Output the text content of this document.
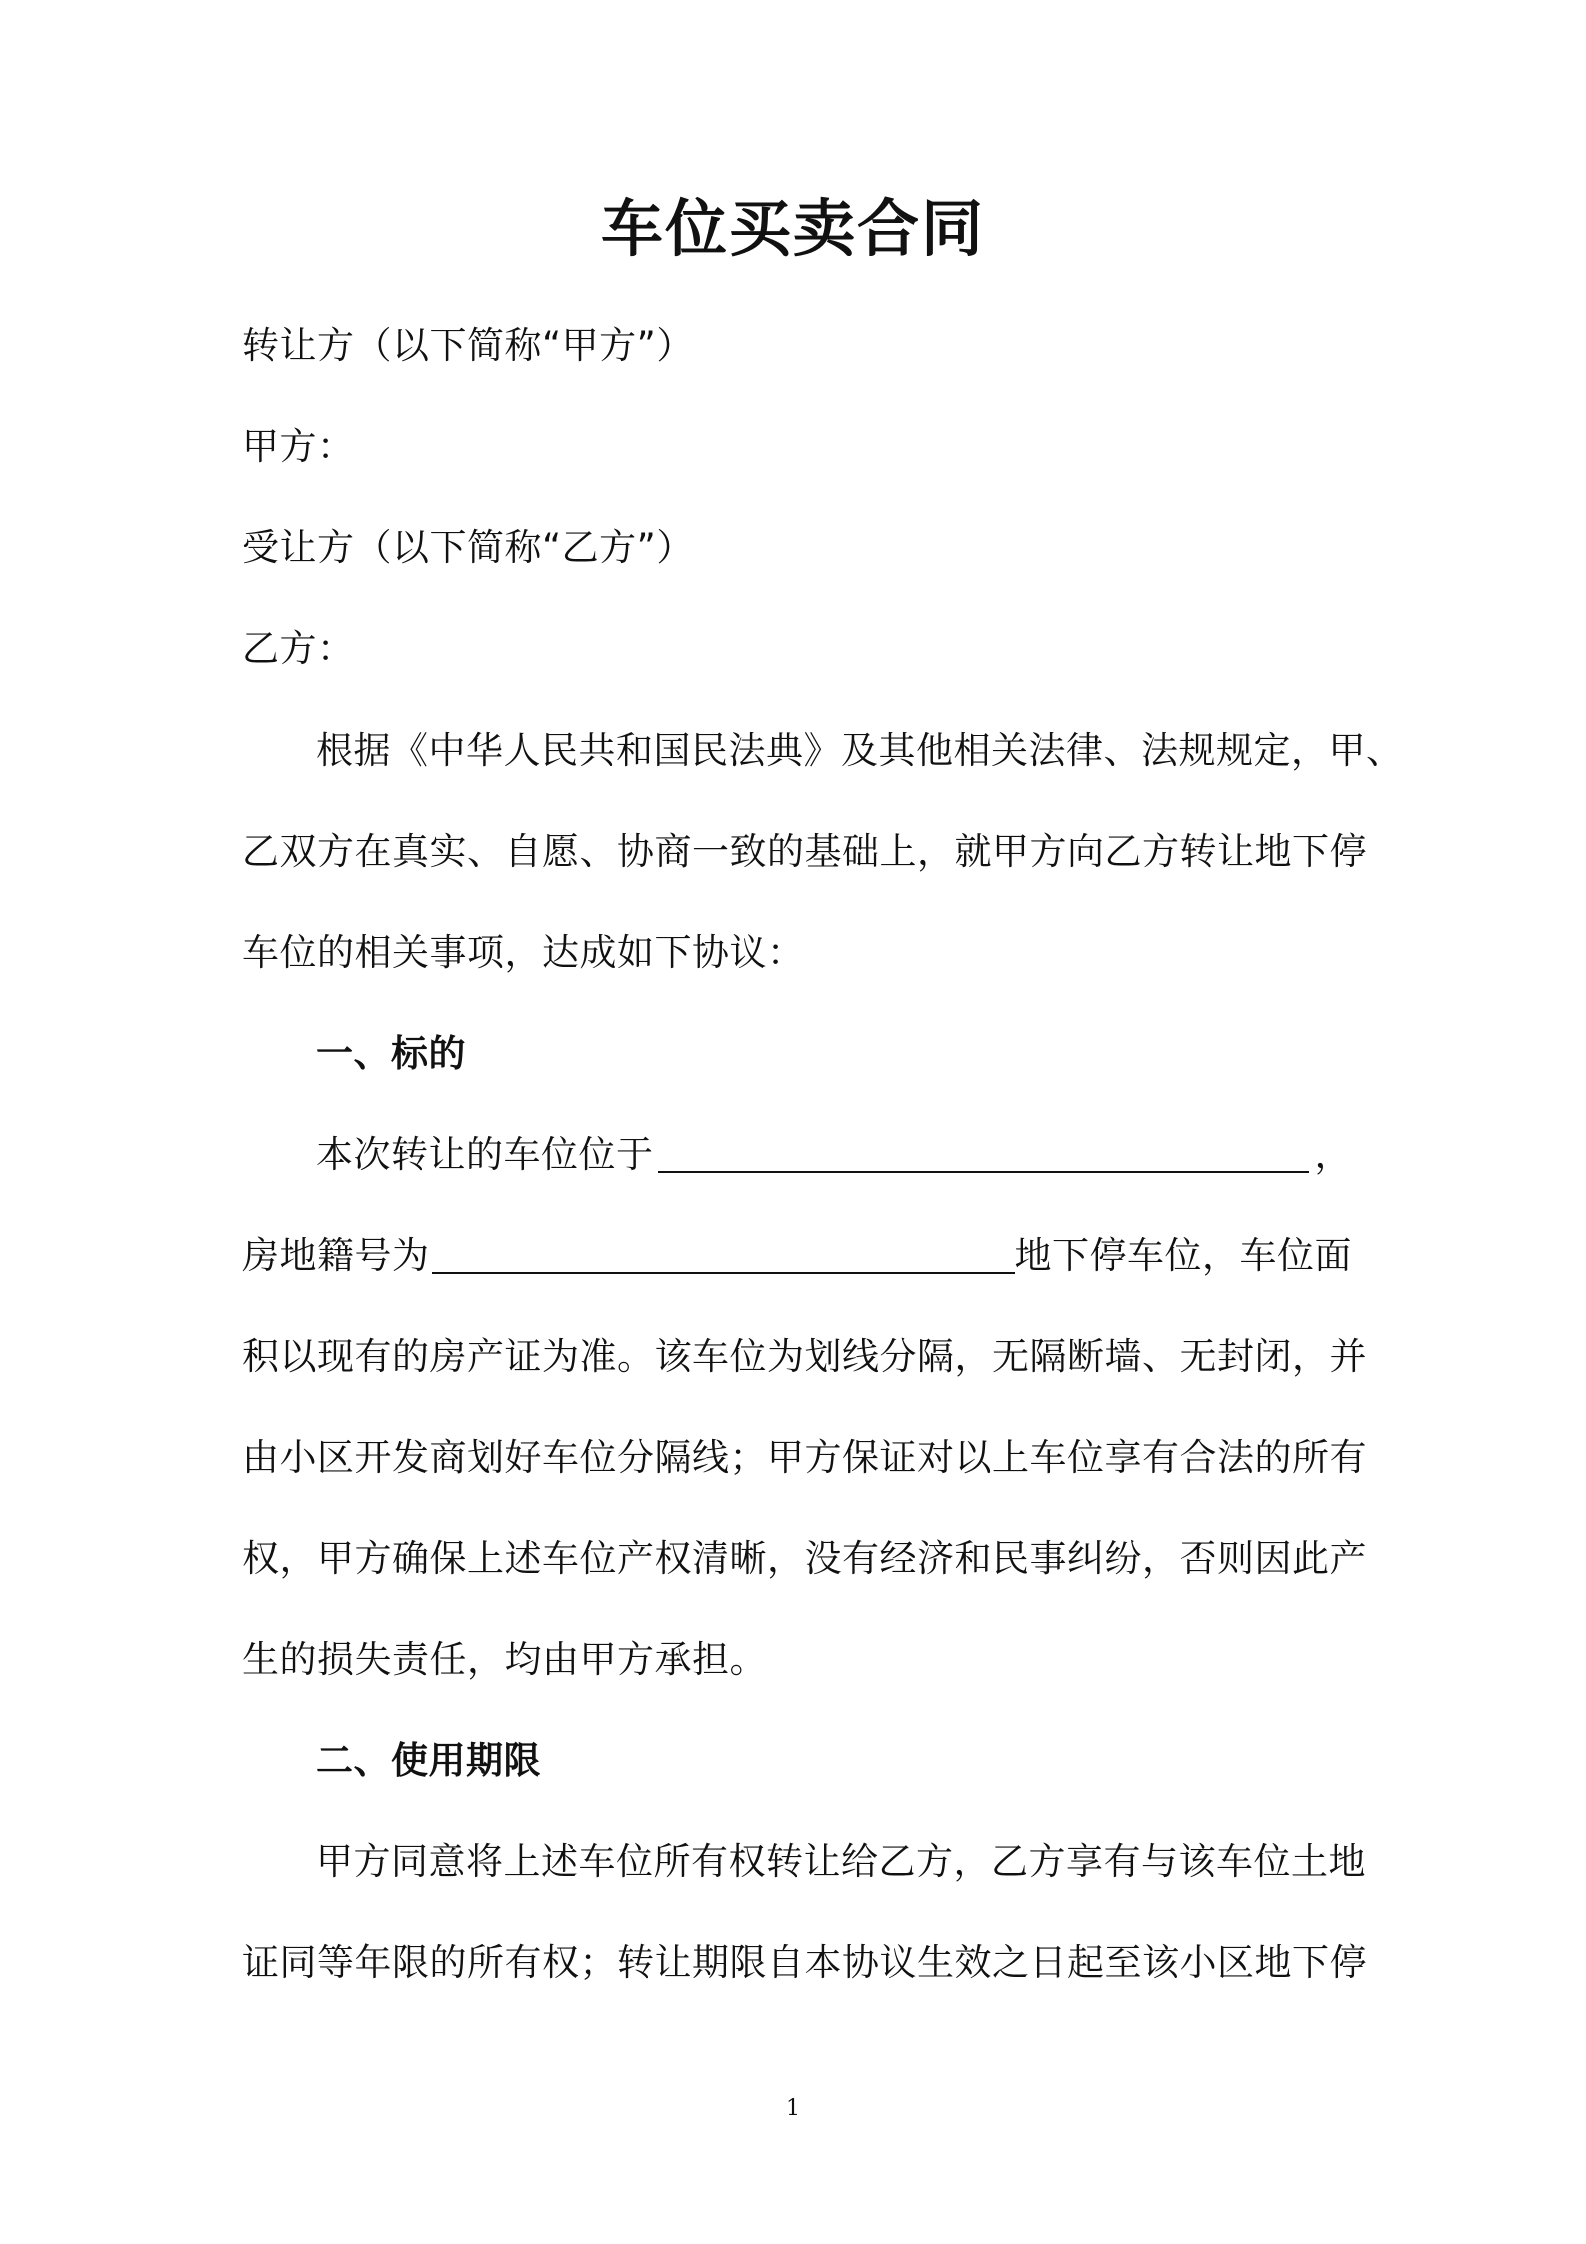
车位买卖合同
转让方（以下简称“甲方”）
甲方：
受让方（以下简称“乙方”）
乙方：
根据《中华人民共和国民法典》及其他相关法律、法规规定，甲、
乙双方在真实、自愿、协商一致的基础上，就甲方向乙方转让地下停
车位的相关事项，达成如下协议：
一、标的
本次转让的车位位于	，
房地籍号为	地下停车位，车位面
积以现有的房产证为准。该车位为划线分隔，无隔断墙、无封闭，并
由小区开发商划好车位分隔线；甲方保证对以上车位享有合法的所有
权，甲方确保上述车位产权清晰，没有经济和民事纠纷，否则因此产
生的损失责任，均由甲方承担。
二、使用期限
甲方同意将上述车位所有权转让给乙方，乙方享有与该车位土地
证同等年限的所有权；转让期限自本协议生效之日起至该小区地下停
1
